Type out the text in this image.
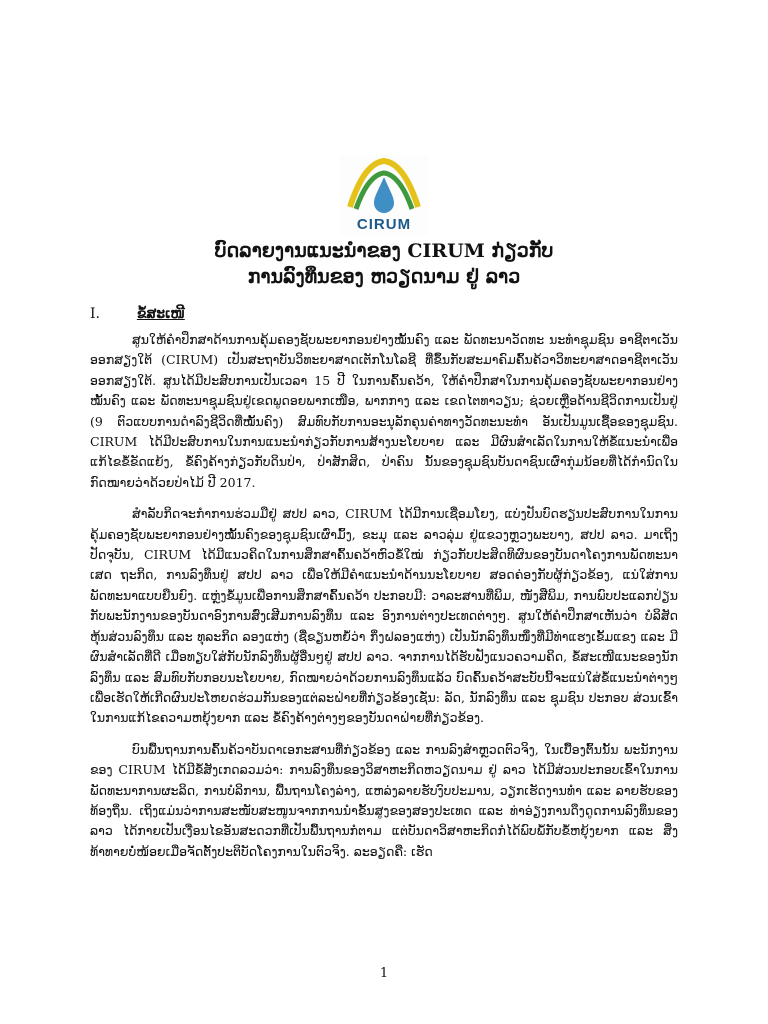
CIRUM
ບົດລາຍງານແນະນຳຂອງ CIRUM ກ່ຽວກັບ
ການລົງທຶນຂອງ ຫວຽດນາມ ຢູ່ ລາວ
I.	ຂໍ້ສະເໜີ

ສູນໃຫ້ຄຳປຶກສາດ້ານການຄຸ້ມຄອງຊັບພະຍາກອນຢ່າງໝັ້ນຄົງ ແລະ ພັດທະນາວັດທະ ນະທຳຊຸມຊົນ ອາຊີຕາເວັນອອກສຽງໃຕ້ (CIRUM) ເປັນສະຖາບັນວິທະຍາສາດເຕັກໂນໂລຊີ ທີ່ຂຶ້ນກັບສະມາຄົມຄົ້ນຄ້ວາວິທະຍາສາດອາຊີຕາເວັນອອກສຽງໃຕ້. ສູນໄດ້ມີປະສົບການເປັນເວລາ 15 ປີ ໃນການຄົ້ນຄວ້າ, ໃຫ້ຄຳປຶກສາໃນການຄຸ້ມຄອງຊັບພະຍາກອນຢ່າງໝັ້ນຄົງ ແລະ ພັດທະນາຊຸມຊົນຢູ່ເຂດພູດອຍພາກເໜືອ, ພາກກາງ ແລະ ເຂດໄຕທາວຽນ; ຊ່ວຍເຫຼືອດ້ານຊີວິດການເປັນຢູ່ (9 ຕົວແບບການດຳລົງຊີວິດທີ່ໝັ້ນຄົງ) ສົມທົບກັບການອະນຸລັກຄຸນຄ່າທາງວັດທະນະທຳ ອັນເປັນມູນເຊື້ອຂອງຊຸມຊົນ. CIRUM ໄດ້ມີປະສົບການໃນການແນະນຳກ່ຽວກັບການສ້າງນະໂຍບາຍ ແລະ ມີຜົນສຳເລັດໃນການໃຫ້ຂໍ້ແນະນຳເພື່ອແກ້ໄຂຂໍ້ຂັດແຍ້ງ, ຂໍ້ຄົງຄ້າງກ່ຽວກັບດິນປ່າ, ປ່າສັກສິດ, ປ່າຄົນ ນັ້ນຂອງຊຸມຊົນບັນດາຊົນເຜົ່າກຸ່ມນ້ອຍທີ່ໄດ້ກຳນົດໃນກົດໝາຍວ່າດ້ວຍປ່າໄມ້ ປີ 2017.

ສຳລັບກິດຈະກຳການຮ່ວມມືຢູ່ ສປປ ລາວ, CIRUM ໄດ້ມີການເຊື່ອມໂຍງ, ແບ່ງປັນບົດຮຽນປະສົບການໃນການຄຸ້ມຄອງຊັບພະຍາກອນຢ່າງໝັ້ນຄົງຂອງຊຸມຊົນເຜົ່າມົ້ງ, ຂະມຸ ແລະ ລາວລຸ່ມ ຢູ່ແຂວງຫຼວງພະບາງ, ສປປ ລາວ. ມາເຖິງປັດຈຸບັນ, CIRUM ໄດ້ມີແນວຄິດໃນການສຶກສາຄົ້ນຄວ້າຫົວຂໍ້ໃໝ່ ກ່ຽວກັບປະສິດທິຜົນຂອງບັນດາໂຄງການພັດທະນາເສດ ຖະກິດ, ການລົງທຶນຢູ່ ສປປ ລາວ ເພື່ອໃຫ້ມີຄຳແນະນຳດ້ານນະໂຍບາຍ ສອດຄ່ອງກັບຜູ້ກ່ຽວຂ້ອງ, ແນ່ໃສ່ການພັດທະນາແບບຍືນຍົງ. ແຫຼ່ງຂໍ້ມູນເພື່ອການສຶກສາຄົ້ນຄວ້າ ປະກອບມີ: ວາລະສານທີ່ພິມ, ໜັງສືພິມ, ການພົບປະແລກປ່ຽນກັບພະນັກງານຂອງບັນດາອົງການສົ່ງເສີມການລົງທຶນ ແລະ ອົງການຕ່າງປະເທດຕ່າງໆ. ສູນໃຫ້ຄຳປຶກສາເຫັນວ່າ ບໍລິສັດຫຸ້ນສ່ວນລົງທຶນ ແລະ ທຸລະກິດ ລອງແຫ່ງ (ຊື່ຂຽນຫຍໍ້ວ່າ ກິ່ງຝລອງແຫ່ງ) ເປັນນັກລົງທຶນໜຶ່ງທີ່ມີທ່າແຮງເຂັ້ມແຂງ ແລະ ມີຜົນສຳເລັດທີ່ດີ ເມື່ອທຽບໃສ່ກັບນັກລົງທຶນຜູ້ອື່ນໆຢູ່ ສປປ ລາວ. ຈາກການໄດ້ຮັບຟັງແນວຄວາມຄິດ, ຂໍ້ສະເໜີແນະຂອງນັກລົງທຶນ ແລະ ສົມທົບກັບກອບນະໂຍບາຍ, ກົດໝາຍວ່າດ້ວຍການລົງທຶນແລ້ວ ບົດຄົ້ນຄວ້າສະບັບນີ້ຈະແນ່ໃສ່ຂໍ້ແນະນຳຕ່າງໆ ເພື່ອເຮັດໃຫ້ເກີດຜົນປະໂຫຍດຮ່ວມກັນຂອງແຕ່ລະຝ່າຍທີ່ກ່ຽວຂ້ອງເຊັ່ນ: ລັດ, ນັກລົງທຶນ ແລະ ຊຸມຊົນ ປະກອບ ສ່ວນເຂົ້າໃນການແກ້ໄຂຄວາມຫຍຸ້ງຍາກ ແລະ ຂໍ້ຄົງຄ້າງຕ່າງໆຂອງບັນດາຝ່າຍທີ່ກ່ຽວຂ້ອງ.

ບົນພື້ນຖານການຄົ້ນຄ້ວາບັນດາເອກະສານທີ່ກ່ຽວຂ້ອງ ແລະ ການລົງສຳຫຼວດຕົວຈິງ, ໃນເບື້ອງຕົ້ນນັ້ນ ພະນັກງານຂອງ CIRUM ໄດ້ມີຂໍ້ສັງເກດລວມວ່າ: ການລົງທຶນຂອງວິສາຫະກິດຫວຽດນາມ ຢູ່ ລາວ ໄດ້ມີສ່ວນປະກອບເຂົ້າໃນການພັດທະນາການຜະລິດ, ການບໍລິການ, ພື້ນຖານໂຄງລ່າງ, ແຫລ່ງລາຍຮັບງົບປະມານ, ວຽກເຮັດງານທຳ ແລະ ລາຍຮັບຂອງທ້ອງຖິ່ນ. ເຖິງແມ່ນວ່າການສະໜັບສະໜູນຈາກການນຳຂັ້ນສູງຂອງສອງປະເທດ ແລະ ທ່າອ່ຽງການດຶງດູດການລົງທຶນຂອງ ລາວ ໄດ້ກາຍເປັນເງື່ອນໄຂອັນສະດວກທີ່ເປັນພື້ນຖານກໍຕາມ ແຕ່ບັນດາວິສາຫະກິດກໍໄດ້ພົບພໍ້ກັບຂໍ້ຫຍຸ້ງຍາກ ແລະ ສິ່ງທ້າທາຍບໍ່ໜ້ອຍເມື່ອຈັດຕັ້ງປະຕິບັດໂຄງການໃນຕົວຈິງ. ລະອຽດຄື: ເຮັດ

1
